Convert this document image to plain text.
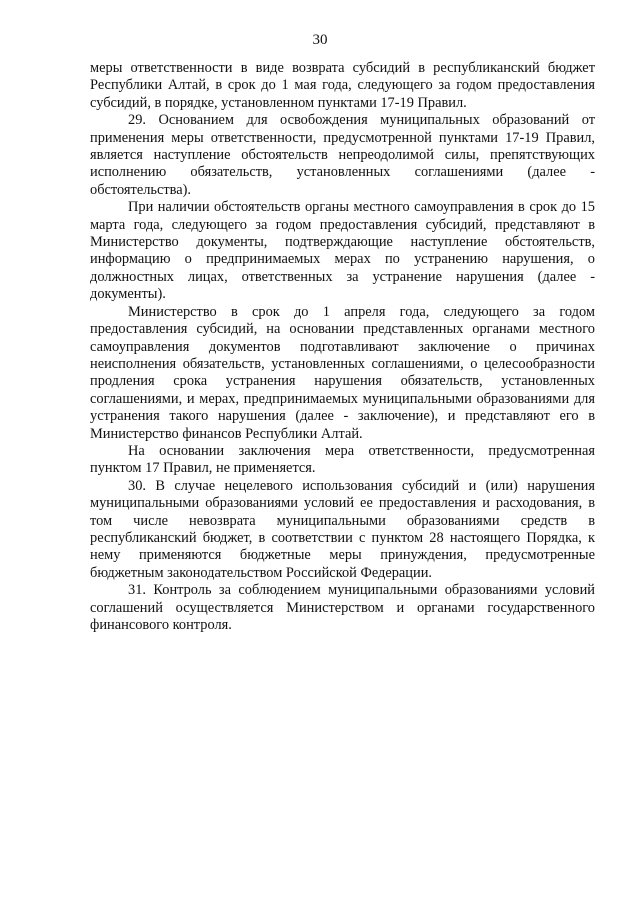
30

меры ответственности в виде возврата субсидий в республиканский бюджет Республики Алтай, в срок до 1 мая года, следующего за годом предоставления субсидий, в порядке, установленном пунктами 17-19 Правил.

29. Основанием для освобождения муниципальных образований от применения меры ответственности, предусмотренной пунктами 17-19 Правил, является наступление обстоятельств непреодолимой силы, препятствующих исполнению обязательств, установленных соглашениями (далее - обстоятельства).

При наличии обстоятельств органы местного самоуправления в срок до 15 марта года, следующего за годом предоставления субсидий, представляют в Министерство документы, подтверждающие наступление обстоятельств, информацию о предпринимаемых мерах по устранению нарушения, о должностных лицах, ответственных за устранение нарушения (далее - документы).

Министерство в срок до 1 апреля года, следующего за годом предоставления субсидий, на основании представленных органами местного самоуправления документов подготавливают заключение о причинах неисполнения обязательств, установленных соглашениями, о целесообразности продления срока устранения нарушения обязательств, установленных соглашениями, и мерах, предпринимаемых муниципальными образованиями для устранения такого нарушения (далее - заключение), и представляют его в Министерство финансов Республики Алтай.

На основании заключения мера ответственности, предусмотренная пунктом 17 Правил, не применяется.

30. В случае нецелевого использования субсидий и (или) нарушения муниципальными образованиями условий ее предоставления и расходования, в том числе невозврата муниципальными образованиями средств в республиканский бюджет, в соответствии с пунктом 28 настоящего Порядка, к нему применяются бюджетные меры принуждения, предусмотренные бюджетным законодательством Российской Федерации.

31. Контроль за соблюдением муниципальными образованиями условий соглашений осуществляется Министерством и органами государственного финансового контроля.
